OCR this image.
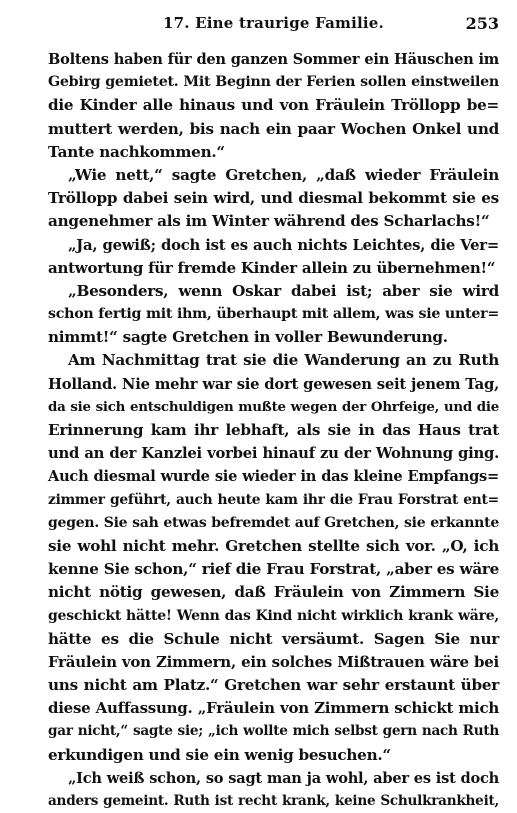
17. Eine traurige Familie.	253
Boltens haben für den ganzen Sommer ein Häuschen im
Gebirg gemietet. Mit Beginn der Ferien sollen einstweilen
die Kinder alle hinaus und von Fräulein Tröllopp be=
muttert werden, bis nach ein paar Wochen Onkel und
Tante nachkommen.“
„Wie nett,“ sagte Gretchen, „daß wieder Fräulein
Tröllopp dabei sein wird, und diesmal bekommt sie es
angenehmer als im Winter während des Scharlachs!“
„Ja, gewiß; doch ist es auch nichts Leichtes, die Ver=
antwortung für fremde Kinder allein zu übernehmen!“
„Besonders, wenn Oskar dabei ist; aber sie wird
schon fertig mit ihm, überhaupt mit allem, was sie unter=
nimmt!“ sagte Gretchen in voller Bewunderung.
Am Nachmittag trat sie die Wanderung an zu Ruth
Holland. Nie mehr war sie dort gewesen seit jenem Tag,
da sie sich entschuldigen mußte wegen der Ohrfeige, und die
Erinnerung kam ihr lebhaft, als sie in das Haus trat
und an der Kanzlei vorbei hinauf zu der Wohnung ging.
Auch diesmal wurde sie wieder in das kleine Empfangs=
zimmer geführt, auch heute kam ihr die Frau Forstrat ent=
gegen. Sie sah etwas befremdet auf Gretchen, sie erkannte
sie wohl nicht mehr. Gretchen stellte sich vor. „O, ich
kenne Sie schon,“ rief die Frau Forstrat, „aber es wäre
nicht nötig gewesen, daß Fräulein von Zimmern Sie
geschickt hätte! Wenn das Kind nicht wirklich krank wäre,
hätte es die Schule nicht versäumt. Sagen Sie nur
Fräulein von Zimmern, ein solches Mißtrauen wäre bei
uns nicht am Platz.“ Gretchen war sehr erstaunt über
diese Auffassung. „Fräulein von Zimmern schickt mich
gar nicht,“ sagte sie; „ich wollte mich selbst gern nach Ruth
erkundigen und sie ein wenig besuchen.“
„Ich weiß schon, so sagt man ja wohl, aber es ist doch
anders gemeint. Ruth ist recht krank, keine Schulkrankheit,
